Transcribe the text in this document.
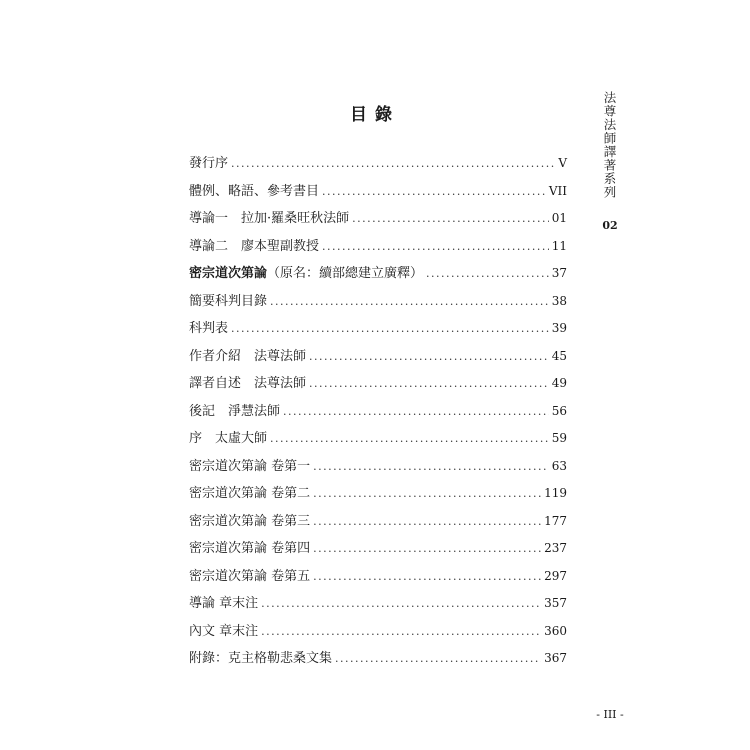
目錄	法尊法師譯著系列
02
發行序 .....	V
體例、略語、參考書目 .....	VII
導論一　拉加·羅桑旺秋法師 .....	01
導論二　廖本聖副教授 .....	11
密宗道次第論（原名：續部總建立廣釋） .....	37
簡要科判目錄 .....	38
科判表 .....	39
作者介紹　法尊法師 .....	45
譯者自述　法尊法師 .....	49
後記　淨慧法師 .....	56
序　太虛大師 .....	59
密宗道次第論 卷第一 .....	63
密宗道次第論 卷第二 .....	119
密宗道次第論 卷第三 .....	177
密宗道次第論 卷第四 .....	237
密宗道次第論 卷第五 .....	297
導論 章末注 .....	357
內文 章末注 .....	360
附錄：克主格勒悲桑文集 .....	367
- III -
